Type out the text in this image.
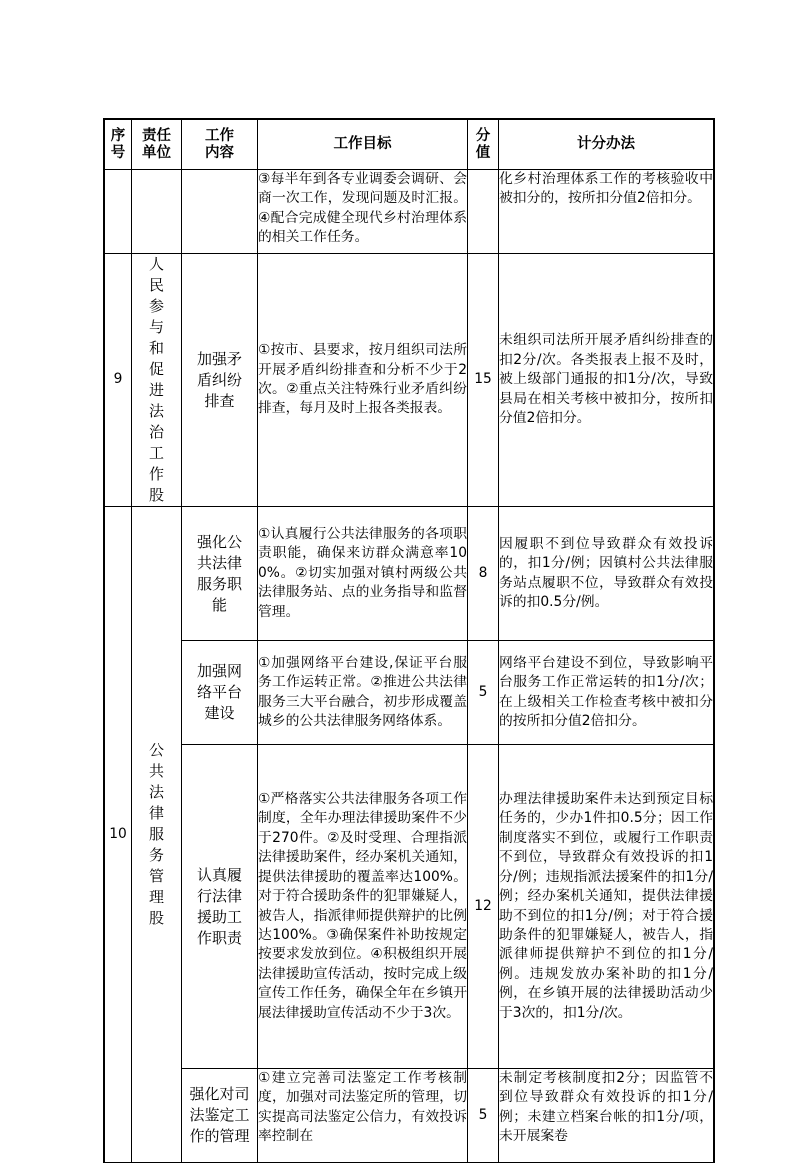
序号	责任单位	工作内容	工作目标	分值	计分办法
			③每半年到各专业调委会调研、会商一次工作，发现问题及时汇报。④配合完成健全现代乡村治理体系的相关工作任务。		化乡村治理体系工作的考核验收中被扣分的，按所扣分值2倍扣分。
9	人民参与和促进法治工作股	加强矛盾纠纷排查	①按市、县要求，按月组织司法所开展矛盾纠纷排查和分析不少于2次。②重点关注特殊行业矛盾纠纷排查，每月及时上报各类报表。	15	未组织司法所开展矛盾纠纷排查的扣2分/次。各类报表上报不及时，被上级部门通报的扣1分/次，导致县局在相关考核中被扣分，按所扣分值2倍扣分。
10	公共法律服务管理股	强化公共法律服务职能	①认真履行公共法律服务的各项职责职能，确保来访群众满意率100%。②切实加强对镇村两级公共法律服务站、点的业务指导和监督管理。	8	因履职不到位导致群众有效投诉的，扣1分/例；因镇村公共法律服务站点履职不位，导致群众有效投诉的扣0.5分/例。
		加强网络平台建设	①加强网络平台建设,保证平台服务工作运转正常。②推进公共法律服务三大平台融合，初步形成覆盖城乡的公共法律服务网络体系。	5	网络平台建设不到位，导致影响平台服务工作正常运转的扣1分/次；在上级相关工作检查考核中被扣分的按所扣分值2倍扣分。
		认真履行法律援助工作职责	①严格落实公共法律服务各项工作制度，全年办理法律援助案件不少于270件。②及时受理、合理指派法律援助案件，经办案机关通知，提供法律援助的覆盖率达100%。对于符合援助条件的犯罪嫌疑人，被告人，指派律师提供辩护的比例达100%。③确保案件补助按规定按要求发放到位。④积极组织开展法律援助宣传活动，按时完成上级宣传工作任务，确保全年在乡镇开展法律援助宣传活动不少于3次。	12	办理法律援助案件未达到预定目标任务的，少办1件扣0.5分；因工作制度落实不到位，或履行工作职责不到位，导致群众有效投诉的扣1分/例；违规指派法援案件的扣1分/例；经办案机关通知，提供法律援助不到位的扣1分/例；对于符合援助条件的犯罪嫌疑人，被告人，指派律师提供辩护不到位的扣1分/例。违规发放办案补助的扣1分/例，在乡镇开展的法律援助活动少于3次的，扣1分/次。
		强化对司法鉴定工作的管理	①建立完善司法鉴定工作考核制度，加强对司法鉴定所的管理，切实提高司法鉴定公信力，有效投诉率控制在	5	未制定考核制度扣2分；因监管不到位导致群众有效投诉的扣1分/例；未建立档案台帐的扣1分/项，未开展案卷
